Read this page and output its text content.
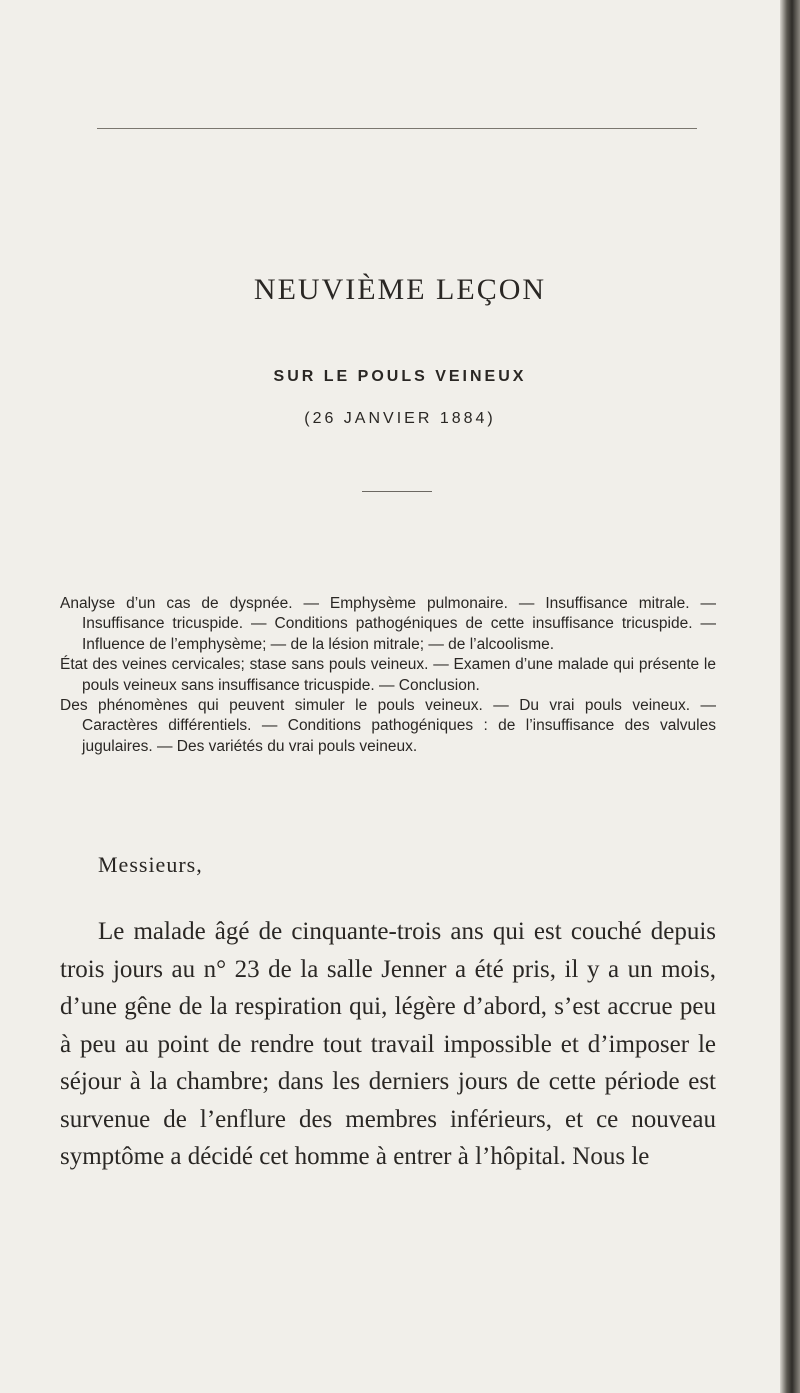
NEUVIÈME LEÇON
SUR LE POULS VEINEUX
(26 JANVIER 1884)

Analyse d’un cas de dyspnée. — Emphysème pulmonaire. — Insuffisance mitrale. — Insuffisance tricuspide. — Conditions pathogéniques de cette insuffisance tricuspide. — Influence de l’emphysème; — de la lésion mitrale; — de l’alcoolisme.

État des veines cervicales; stase sans pouls veineux. — Examen d’une malade qui présente le pouls veineux sans insuffisance tricuspide. — Conclusion.

Des phénomènes qui peuvent simuler le pouls veineux. — Du vrai pouls veineux. — Caractères différentiels. — Conditions pathogéniques : de l’insuffisance des valvules jugulaires. — Des variétés du vrai pouls veineux.

Messieurs,

Le malade âgé de cinquante-trois ans qui est couché depuis trois jours au n° 23 de la salle Jenner a été pris, il y a un mois, d’une gêne de la respiration qui, légère d’abord, s’est accrue peu à peu au point de rendre tout travail impossible et d’imposer le séjour à la chambre; dans les derniers jours de cette période est survenue de l’enflure des membres inférieurs, et ce nouveau symptôme a décidé cet homme à entrer à l’hôpital. Nous le
